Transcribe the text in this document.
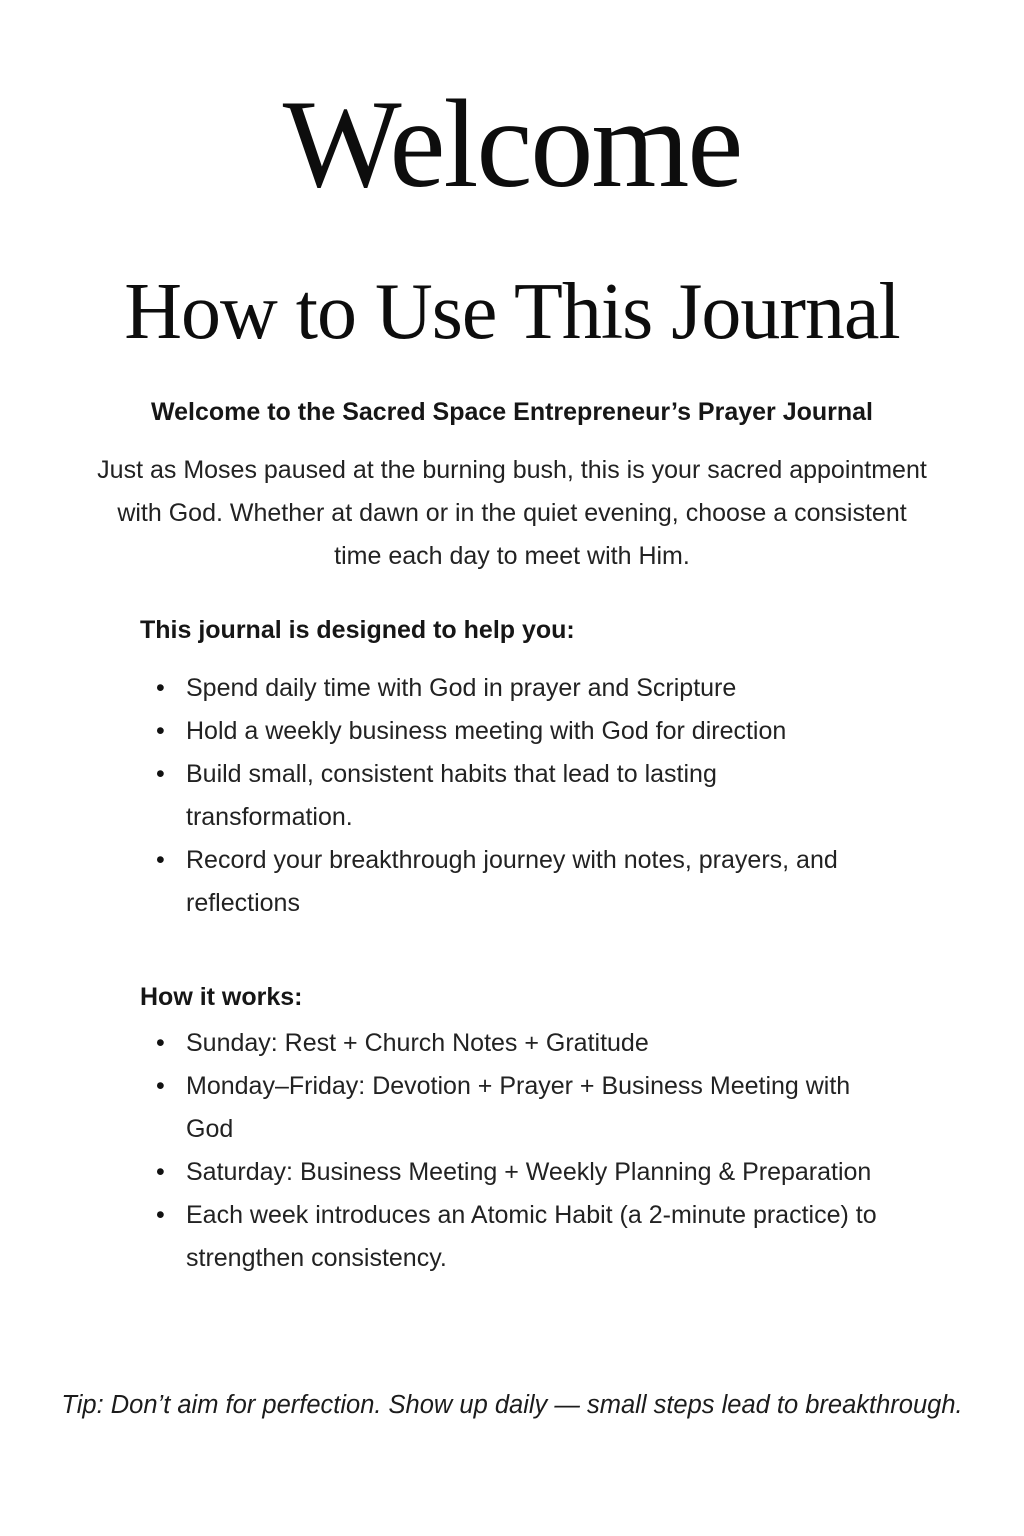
Welcome
How to Use This Journal

Welcome to the Sacred Space Entrepreneur’s Prayer Journal

Just as Moses paused at the burning bush, this is your sacred appointment with God. Whether at dawn or in the quiet evening, choose a consistent time each day to meet with Him.

This journal is designed to help you:

• Spend daily time with God in prayer and Scripture
• Hold a weekly business meeting with God for direction
• Build small, consistent habits that lead to lasting transformation.
• Record your breakthrough journey with notes, prayers, and reflections

How it works:

• Sunday: Rest + Church Notes + Gratitude
• Monday–Friday: Devotion + Prayer + Business Meeting with God
• Saturday: Business Meeting + Weekly Planning & Preparation
• Each week introduces an Atomic Habit (a 2-minute practice) to strengthen consistency.

Tip: Don’t aim for perfection. Show up daily — small steps lead to breakthrough.
